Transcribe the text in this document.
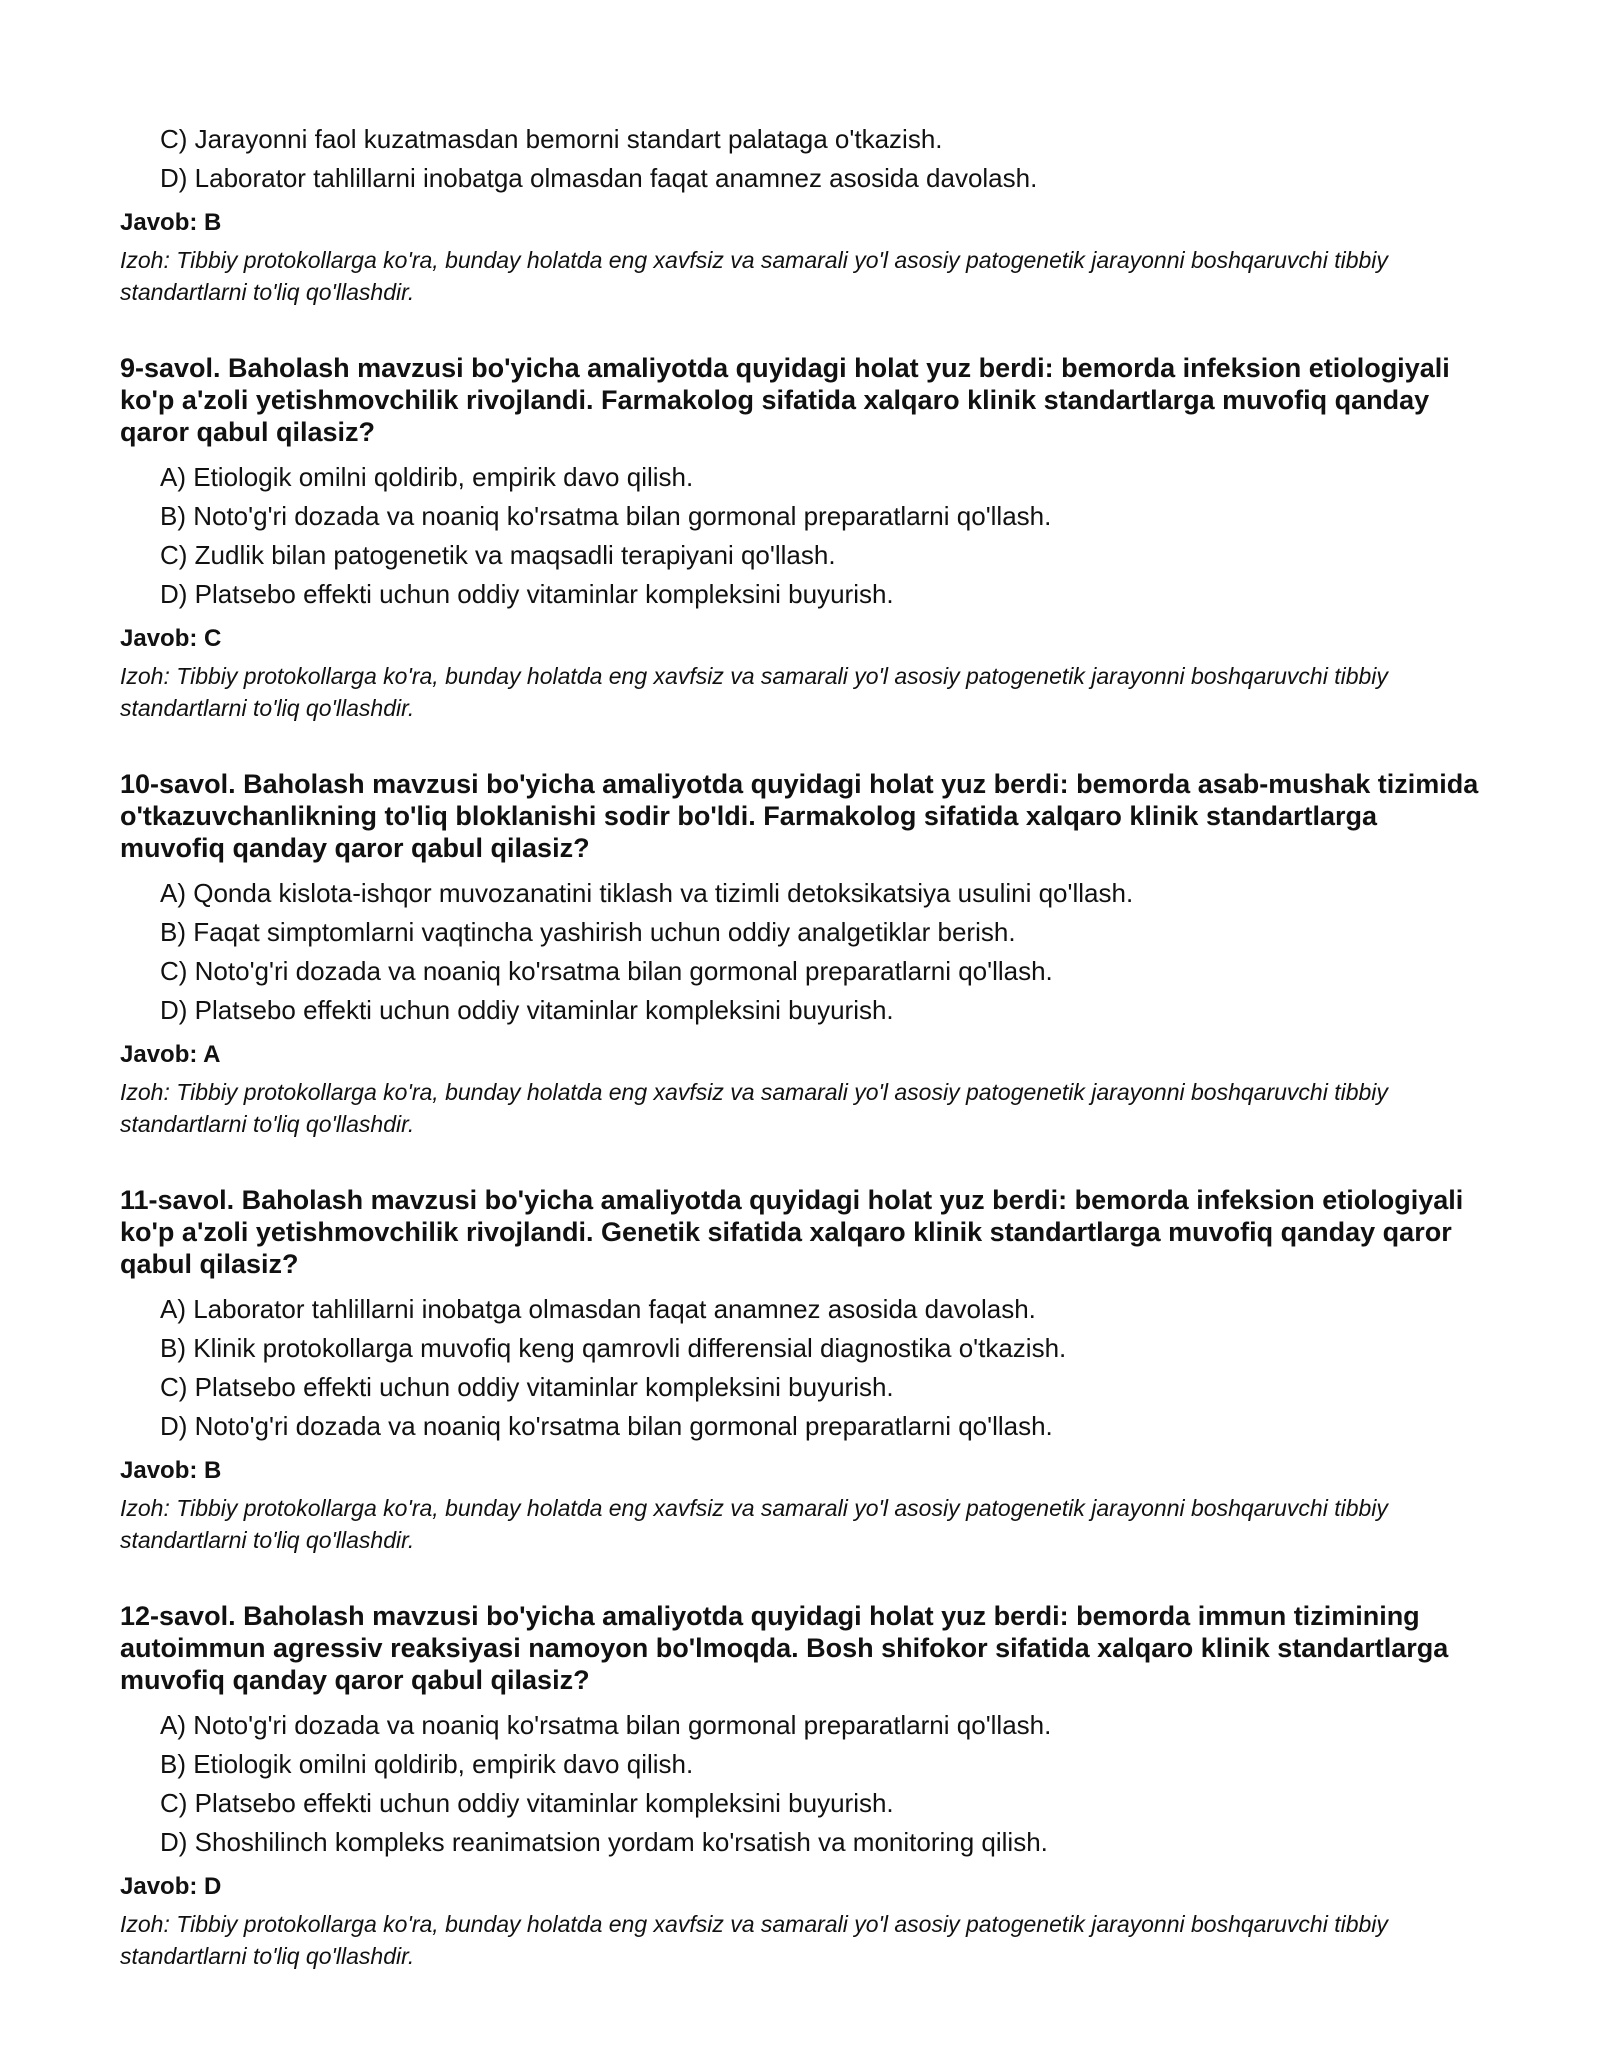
C) Jarayonni faol kuzatmasdan bemorni standart palataga o'tkazish.
D) Laborator tahlillarni inobatga olmasdan faqat anamnez asosida davolash.
Javob: B
Izoh: Tibbiy protokollarga ko'ra, bunday holatda eng xavfsiz va samarali yo'l asosiy patogenetik jarayonni boshqaruvchi tibbiy standartlarni to'liq qo'llashdir.
9-savol. Baholash mavzusi bo'yicha amaliyotda quyidagi holat yuz berdi: bemorda infeksion etiologiyali ko'p a'zoli yetishmovchilik rivojlandi. Farmakolog sifatida xalqaro klinik standartlarga muvofiq qanday qaror qabul qilasiz?
A) Etiologik omilni qoldirib, empirik davo qilish.
B) Noto'g'ri dozada va noaniq ko'rsatma bilan gormonal preparatlarni qo'llash.
C) Zudlik bilan patogenetik va maqsadli terapiyani qo'llash.
D) Platsebo effekti uchun oddiy vitaminlar kompleksini buyurish.
Javob: C
Izoh: Tibbiy protokollarga ko'ra, bunday holatda eng xavfsiz va samarali yo'l asosiy patogenetik jarayonni boshqaruvchi tibbiy standartlarni to'liq qo'llashdir.
10-savol. Baholash mavzusi bo'yicha amaliyotda quyidagi holat yuz berdi: bemorda asab-mushak tizimida o'tkazuvchanlikning to'liq bloklanishi sodir bo'ldi. Farmakolog sifatida xalqaro klinik standartlarga muvofiq qanday qaror qabul qilasiz?
A) Qonda kislota-ishqor muvozanatini tiklash va tizimli detoksikatsiya usulini qo'llash.
B) Faqat simptomlarni vaqtincha yashirish uchun oddiy analgetiklar berish.
C) Noto'g'ri dozada va noaniq ko'rsatma bilan gormonal preparatlarni qo'llash.
D) Platsebo effekti uchun oddiy vitaminlar kompleksini buyurish.
Javob: A
Izoh: Tibbiy protokollarga ko'ra, bunday holatda eng xavfsiz va samarali yo'l asosiy patogenetik jarayonni boshqaruvchi tibbiy standartlarni to'liq qo'llashdir.
11-savol. Baholash mavzusi bo'yicha amaliyotda quyidagi holat yuz berdi: bemorda infeksion etiologiyali ko'p a'zoli yetishmovchilik rivojlandi. Genetik sifatida xalqaro klinik standartlarga muvofiq qanday qaror qabul qilasiz?
A) Laborator tahlillarni inobatga olmasdan faqat anamnez asosida davolash.
B) Klinik protokollarga muvofiq keng qamrovli differensial diagnostika o'tkazish.
C) Platsebo effekti uchun oddiy vitaminlar kompleksini buyurish.
D) Noto'g'ri dozada va noaniq ko'rsatma bilan gormonal preparatlarni qo'llash.
Javob: B
Izoh: Tibbiy protokollarga ko'ra, bunday holatda eng xavfsiz va samarali yo'l asosiy patogenetik jarayonni boshqaruvchi tibbiy standartlarni to'liq qo'llashdir.
12-savol. Baholash mavzusi bo'yicha amaliyotda quyidagi holat yuz berdi: bemorda immun tizimining autoimmun agressiv reaksiyasi namoyon bo'lmoqda. Bosh shifokor sifatida xalqaro klinik standartlarga muvofiq qanday qaror qabul qilasiz?
A) Noto'g'ri dozada va noaniq ko'rsatma bilan gormonal preparatlarni qo'llash.
B) Etiologik omilni qoldirib, empirik davo qilish.
C) Platsebo effekti uchun oddiy vitaminlar kompleksini buyurish.
D) Shoshilinch kompleks reanimatsion yordam ko'rsatish va monitoring qilish.
Javob: D
Izoh: Tibbiy protokollarga ko'ra, bunday holatda eng xavfsiz va samarali yo'l asosiy patogenetik jarayonni boshqaruvchi tibbiy standartlarni to'liq qo'llashdir.
